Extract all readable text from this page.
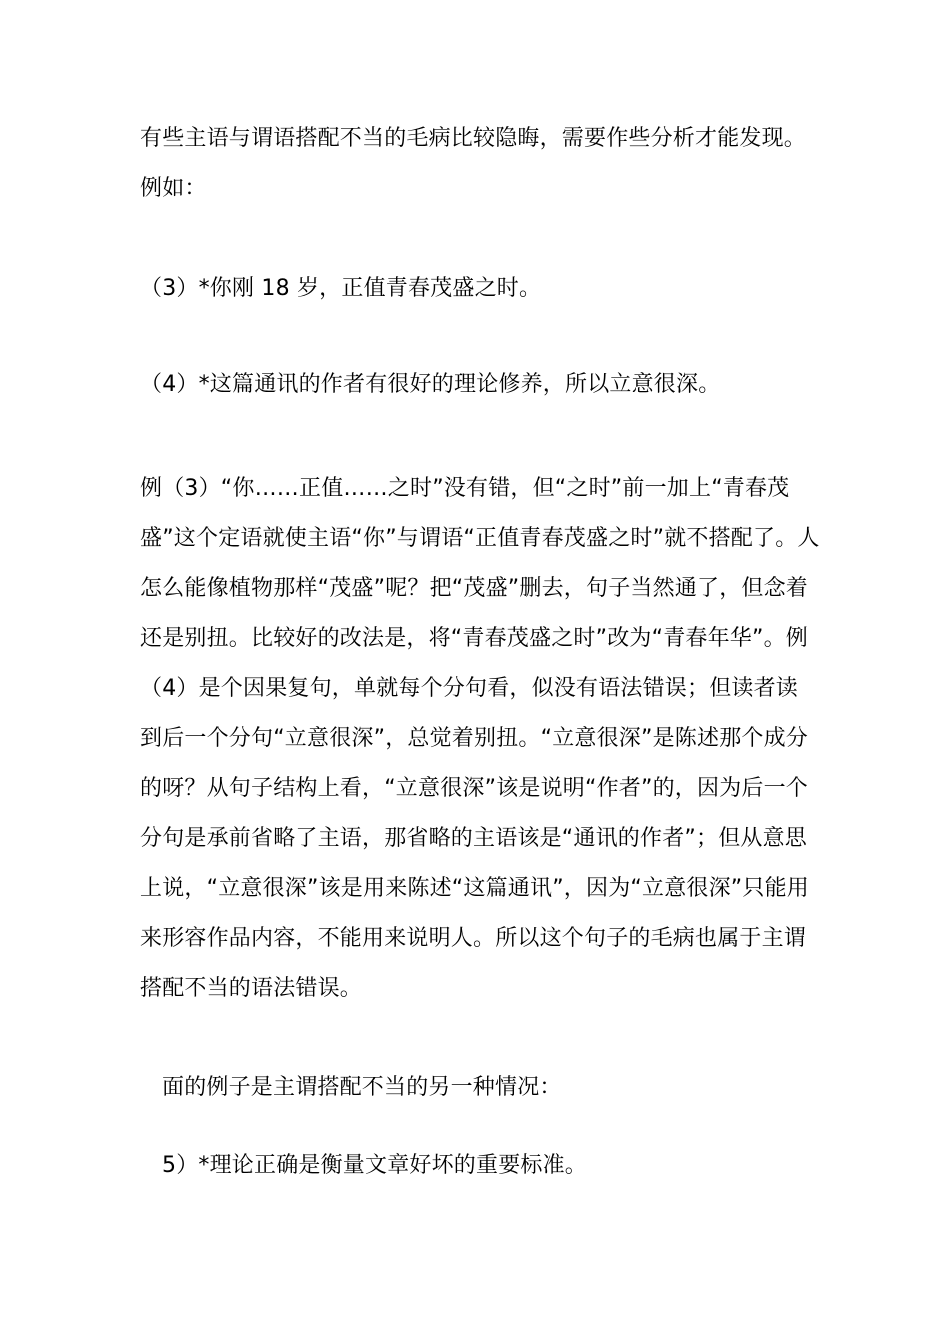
有些主语与谓语搭配不当的毛病比较隐晦，需要作些分析才能发现。例如：

（3）*你刚 18 岁，正值青春茂盛之时。

（4）*这篇通讯的作者有很好的理论修养，所以立意很深。

例（3）“你……正值……之时”没有错，但“之时”前一加上“青春茂盛”这个定语就使主语“你”与谓语“正值青春茂盛之时”就不搭配了。人怎么能像植物那样“茂盛”呢？把“茂盛”删去，句子当然通了，但念着还是别扭。比较好的改法是，将“青春茂盛之时”改为“青春年华”。例（4）是个因果复句，单就每个分句看，似没有语法错误；但读者读到后一个分句“立意很深”，总觉着别扭。“立意很深”是陈述那个成分的呀？从句子结构上看，“立意很深”该是说明“作者”的，因为后一个分句是承前省略了主语，那省略的主语该是“通讯的作者”；但从意思上说，“立意很深”该是用来陈述“这篇通讯”，因为“立意很深”只能用来形容作品内容，不能用来说明人。所以这个句子的毛病也属于主谓搭配不当的语法错误。

面的例子是主谓搭配不当的另一种情况：

5）*理论正确是衡量文章好坏的重要标准。
